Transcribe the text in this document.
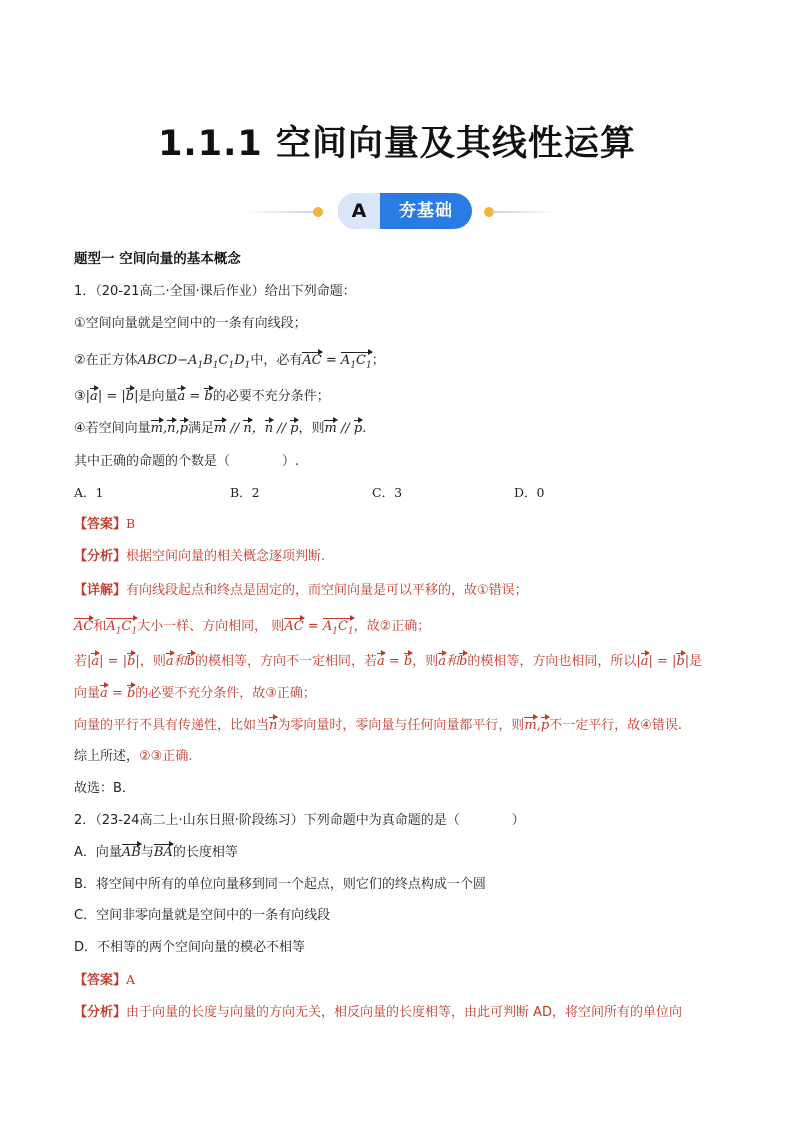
1.1.1 空间向量及其线性运算
A	夯基础
题型一 空间向量的基本概念
1．（20-21高二·全国·课后作业）给出下列命题：
①空间向量就是空间中的一条有向线段；
②在正方体$ABCD-A_1B_1C_1D_1$中，必有AC = $A_1C_1$；
③|a| = |b|是向量a = b的必要不充分条件；
④若空间向量m,n,p满足m // n，n // p，则m // p.
其中正确的命题的个数是（　　　　）.
A．1	B．2	C．3	D．0
【答案】B
【分析】根据空间向量的相关概念逐项判断.
【详解】有向线段起点和终点是固定的，而空间向量是可以平移的，故①错误；
AC和$A_1C_1$大小一样、方向相同， 则AC = $A_1C_1$，故②正确；
若|a| = |b|，则a和b的模相等，方向不一定相同，若a = b，则a和b的模相等，方向也相同，所以|a| = |b|是
向量a = b的必要不充分条件，故③正确；
向量的平行不具有传递性，比如当n为零向量时，零向量与任何向量都平行，则m,p不一定平行，故④错误.
综上所述，②③正确.
故选：B．
2．（23-24高二上·山东日照·阶段练习）下列命题中为真命题的是（　　　　）
A．向量AB与BA的长度相等
B．将空间中所有的单位向量移到同一个起点，则它们的终点构成一个圆
C．空间非零向量就是空间中的一条有向线段
D．不相等的两个空间向量的模必不相等
【答案】A
【分析】由于向量的长度与向量的方向无关，相反向量的长度相等，由此可判断 AD，将空间所有的单位向
